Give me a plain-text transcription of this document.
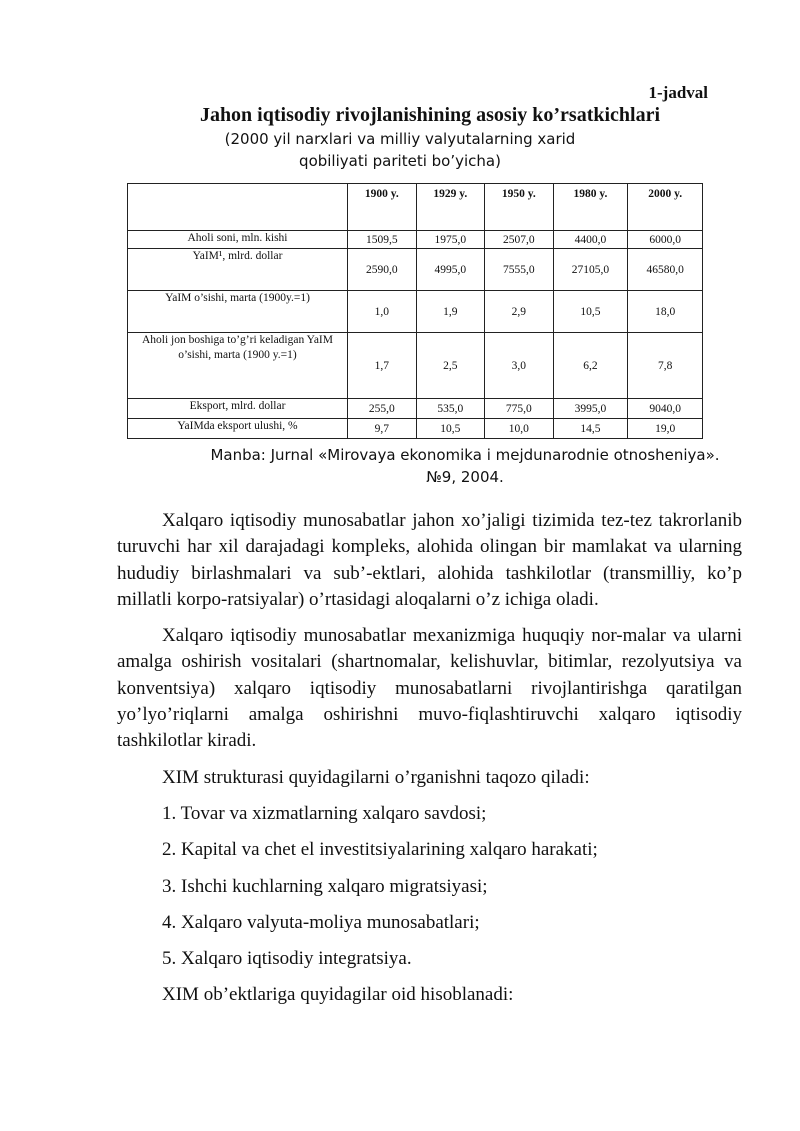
1-jadval
Jahon iqtisodiy rivojlanishining asosiy ko’rsatkichlari
(2000 yil narxlari va milliy valyutalarning xarid
qobiliyati pariteti bo’yicha)
	1900 y.	1929 y.	1950 y.	1980 y.	2000 y.
Aholi soni, mln. kishi	1509,5	1975,0	2507,0	4400,0	6000,0
YaIM¹, mlrd. dollar	2590,0	4995,0	7555,0	27105,0	46580,0
YaIM o’sishi, marta (1900y.=1)	1,0	1,9	2,9	10,5	18,0
Aholi jon boshiga to’g’ri keladigan YaIM o’sishi, marta (1900 y.=1)	1,7	2,5	3,0	6,2	7,8
Eksport, mlrd. dollar	255,0	535,0	775,0	3995,0	9040,0
YaIMda eksport ulushi, %	9,7	10,5	10,0	14,5	19,0
Manba: Jurnal «Mirovaya ekonomika i mejdunarodnie otnosheniya».
№9, 2004.

Xalqaro iqtisodiy munosabatlar jahon xo’jaligi tizimida tez-tez takrorlanib turuvchi har xil darajadagi kompleks, alohida olingan bir mamlakat va ularning hududiy birlashmalari va sub’-ektlari, alohida tashkilotlar (transmilliy, ko’p millatli korpo-ratsiyalar) o’rtasidagi aloqalarni o’z ichiga oladi.

Xalqaro iqtisodiy munosabatlar mexanizmiga huquqiy nor-malar va ularni amalga oshirish vositalari (shartnomalar, kelishuvlar, bitimlar, rezolyutsiya va konventsiya) xalqaro iqtisodiy munosabatlarni rivojlantirishga qaratilgan yo’lyo’riqlarni amalga oshirishni muvo-fiqlashtiruvchi xalqaro iqtisodiy tashkilotlar kiradi.

XIM strukturasi quyidagilarni o’rganishni taqozo qiladi:

1. Tovar va xizmatlarning xalqaro savdosi;

2. Kapital va chet el investitsiyalarining xalqaro harakati;

3. Ishchi kuchlarning xalqaro migratsiyasi;

4. Xalqaro valyuta-moliya munosabatlari;

5. Xalqaro iqtisodiy integratsiya.

XIM ob’ektlariga quyidagilar oid hisoblanadi:
